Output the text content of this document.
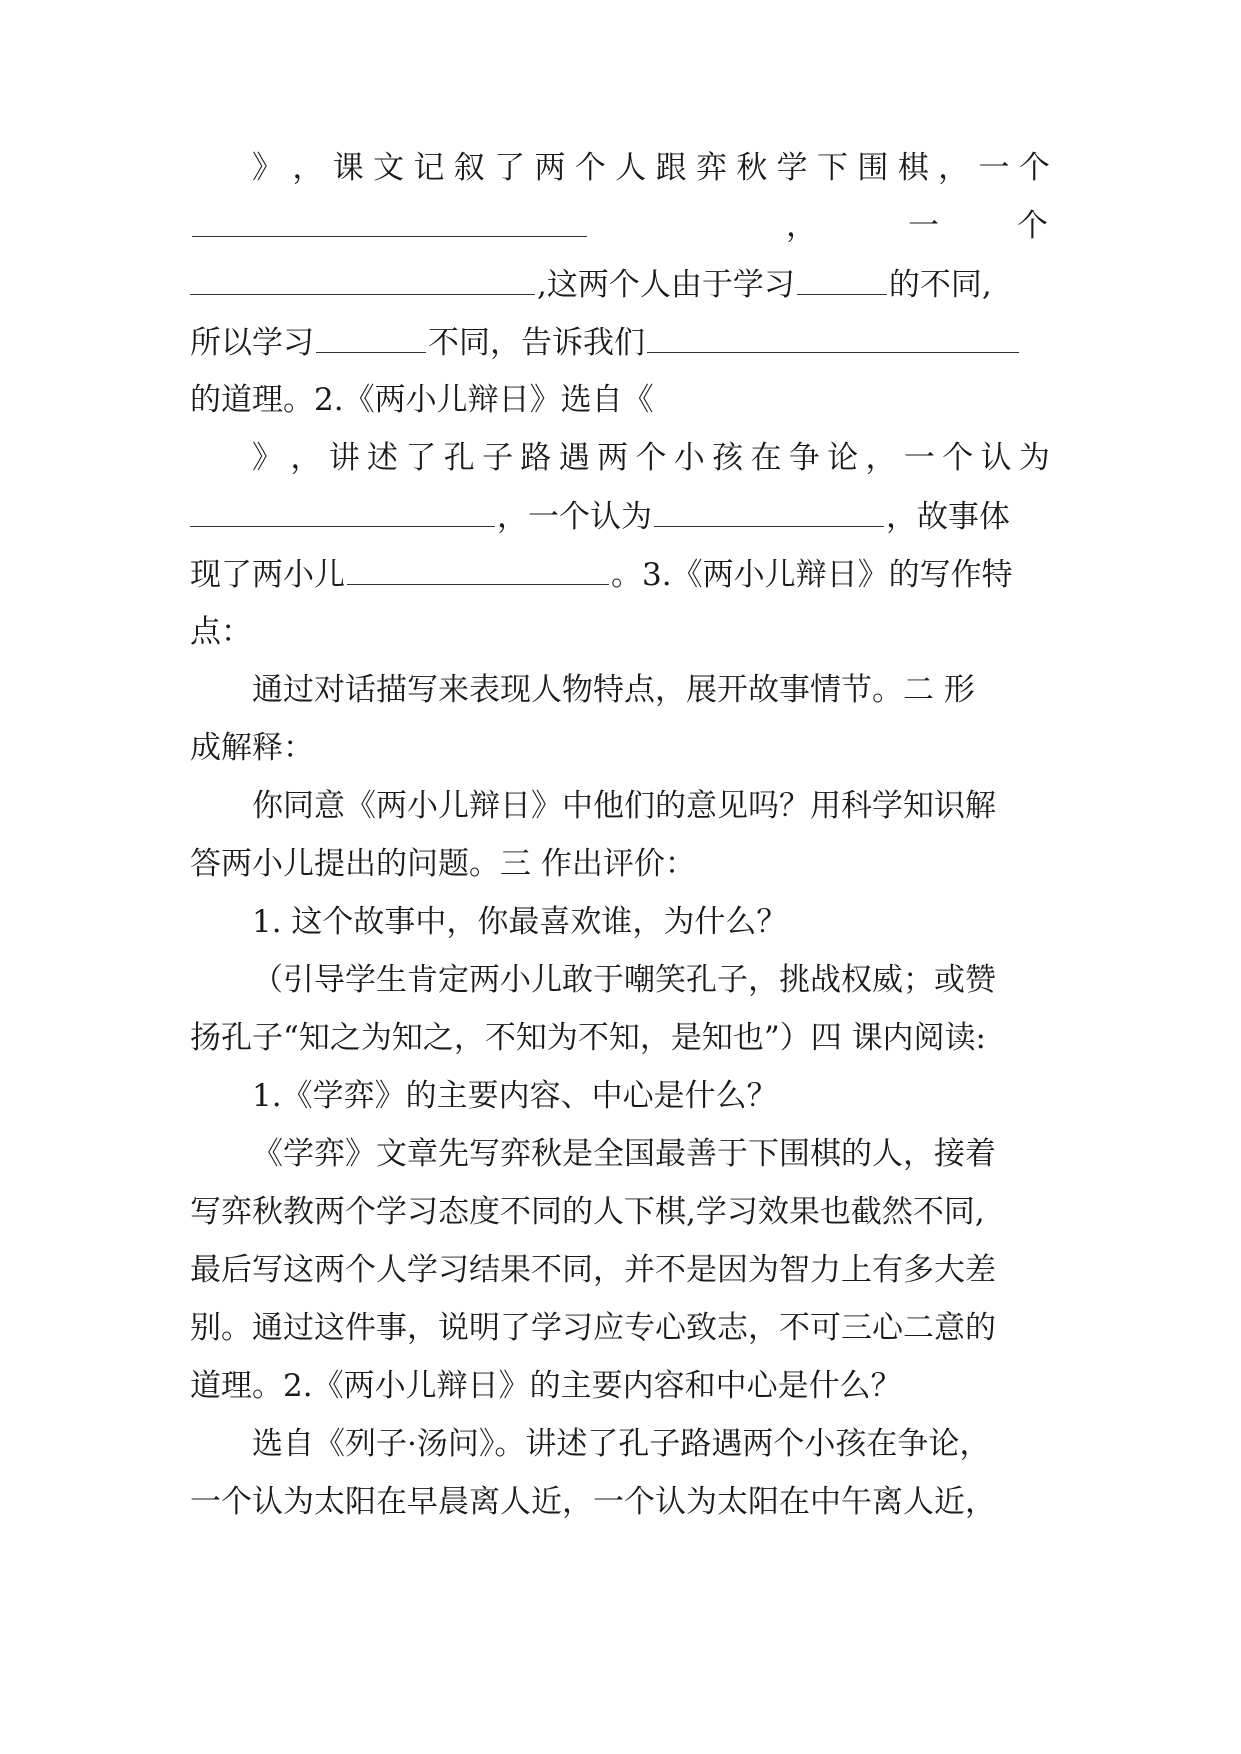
》 ， 课 文 记 叙 了 两 个 人 跟 弈 秋 学 下 围 棋 ， 一 个
，	一	个
,这两个人由于学习	的不同,
所以学习	不同，告诉我们
的道理。2.《两小儿辩日》选自《
》 ， 讲 述 了 孔 子 路 遇 两 个 小 孩 在 争 论 ， 一 个 认 为
，一个认为	，故事体
现了两小儿	。3.《两小儿辩日》的写作特
点：
通过对话描写来表现人物特点，展开故事情节。二 形
成解释：
你同意《两小儿辩日》中他们的意见吗？用科学知识解
答两小儿提出的问题。三 作出评价：
1. 这个故事中，你最喜欢谁，为什么？
（引导学生肯定两小儿敢于嘲笑孔子，挑战权威；或赞
扬孔子“知之为知之，不知为不知，是知也”）四 课内阅读:
1.《学弈》的主要内容、中心是什么？
《学弈》文章先写弈秋是全国最善于下围棋的人，接着
写弈秋教两个学习态度不同的人下棋,学习效果也截然不同,
最后写这两个人学习结果不同，并不是因为智力上有多大差
别。通过这件事，说明了学习应专心致志，不可三心二意的
道理。2.《两小儿辩日》的主要内容和中心是什么？
选自《列子·汤问》。讲述了孔子路遇两个小孩在争论，
一个认为太阳在早晨离人近，一个认为太阳在中午离人近，
